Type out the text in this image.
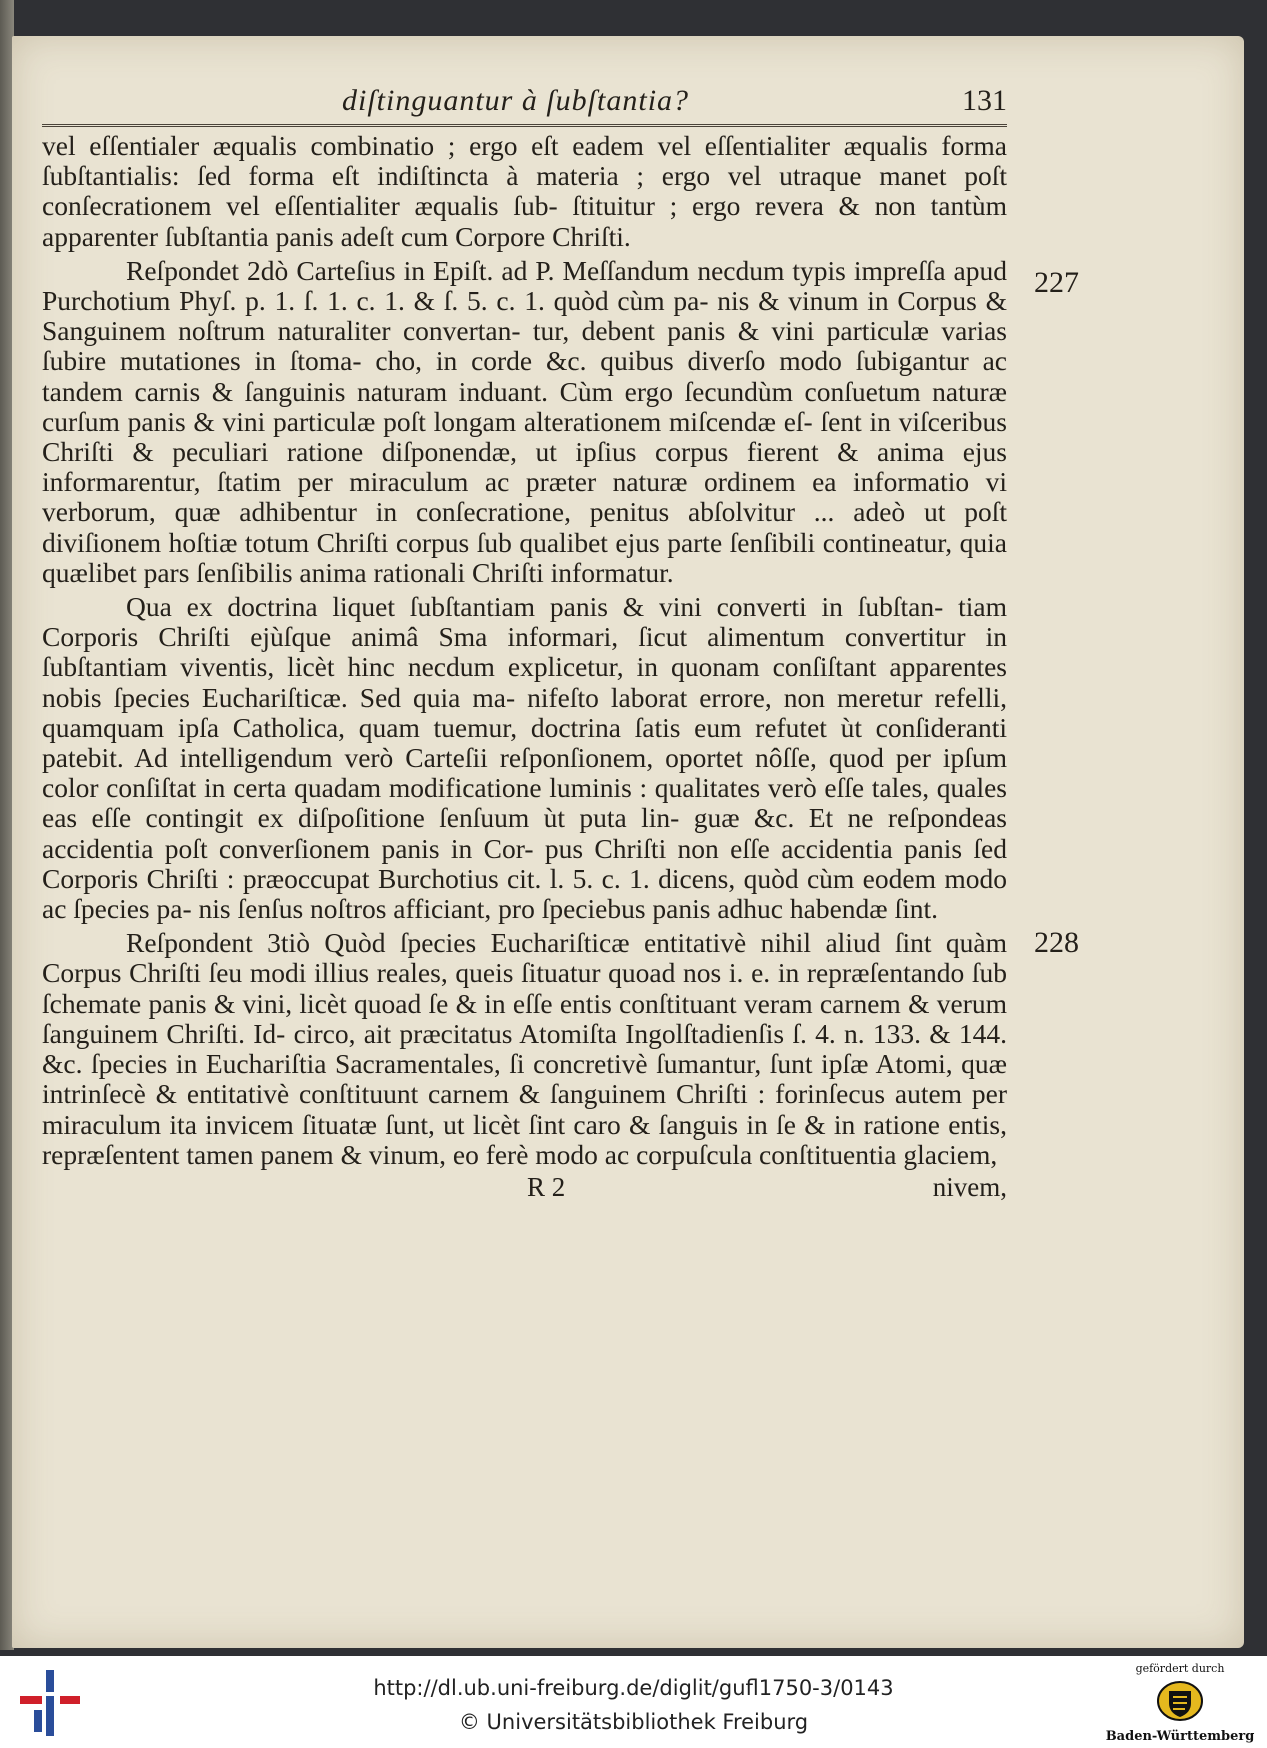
diſtinguantur à ſubſtantia?	131

vel eſſentialer æqualis combinatio ; ergo eſt eadem vel eſſentialiter æqualis forma ſubſtantialis: ſed forma eſt indiſtincta à materia ; ergo vel utraque manet poſt conſecrationem vel eſſentialiter æqualis ſub- ſtituitur ; ergo revera & non tantùm apparenter ſubſtantia panis adeſt cum Corpore Chriſti.

227
Reſpondet 2dò Carteſius in Epiſt. ad P. Meſſandum necdum typis impreſſa apud Purchotium Phyſ. p. 1. ſ. 1. c. 1. & ſ. 5. c. 1. quòd cùm pa- nis & vinum in Corpus & Sanguinem noſtrum naturaliter convertan- tur, debent panis & vini particulæ varias ſubire mutationes in ſtoma- cho, in corde &c. quibus diverſo modo ſubigantur ac tandem carnis & ſanguinis naturam induant. Cùm ergo ſecundùm conſuetum naturæ curſum panis & vini particulæ poſt longam alterationem miſcendæ eſ- ſent in viſceribus Chriſti & peculiari ratione diſponendæ, ut ipſius corpus fierent & anima ejus informarentur, ſtatim per miraculum ac præter naturæ ordinem ea informatio vi verborum, quæ adhibentur in conſecratione, penitus abſolvitur ... adeò ut poſt diviſionem hoſtiæ totum Chriſti corpus ſub qualibet ejus parte ſenſibili contineatur, quia quælibet pars ſenſibilis anima rationali Chriſti informatur.

Qua ex doctrina liquet ſubſtantiam panis & vini converti in ſubſtan- tiam Corporis Chriſti ejùſque animâ Sma informari, ſicut alimentum convertitur in ſubſtantiam viventis, licèt hinc necdum explicetur, in quonam conſiſtant apparentes nobis ſpecies Euchariſticæ. Sed quia ma- nifeſto laborat errore, non meretur refelli, quamquam ipſa Catholica, quam tuemur, doctrina ſatis eum refutet ùt conſideranti patebit. Ad intelligendum verò Carteſii reſponſionem, oportet nôſſe, quod per ipſum color conſiſtat in certa quadam modificatione luminis : qualitates verò eſſe tales, quales eas eſſe contingit ex diſpoſitione ſenſuum ùt puta lin- guæ &c. Et ne reſpondeas accidentia poſt converſionem panis in Cor- pus Chriſti non eſſe accidentia panis ſed Corporis Chriſti : præoccupat Burchotius cit. l. 5. c. 1. dicens, quòd cùm eodem modo ac ſpecies pa- nis ſenſus noſtros afficiant, pro ſpeciebus panis adhuc habendæ ſint.

228
Reſpondent 3tiò Quòd ſpecies Euchariſticæ entitativè nihil aliud ſint quàm Corpus Chriſti ſeu modi illius reales, queis ſituatur quoad nos i. e. in repræſentando ſub ſchemate panis & vini, licèt quoad ſe & in eſſe entis conſtituant veram carnem & verum ſanguinem Chriſti. Id- circo, ait præcitatus Atomiſta Ingolſtadienſis ſ. 4. n. 133. & 144. &c. ſpecies in Euchariſtia Sacramentales, ſi concretivè ſumantur, ſunt ipſæ Atomi, quæ intrinſecè & entitativè conſtituunt carnem & ſanguinem Chriſti : forinſecus autem per miraculum ita invicem ſituatæ ſunt, ut licèt ſint caro & ſanguis in ſe & in ratione entis, repræſentent tamen panem & vinum, eo ferè modo ac corpuſcula conſtituentia glaciem,

R 2	nivem,
http://dl.ub.uni-freiburg.de/diglit/gufl1750-3/0143
© Universitätsbibliothek Freiburg
gefördert durch
Baden-Württemberg
